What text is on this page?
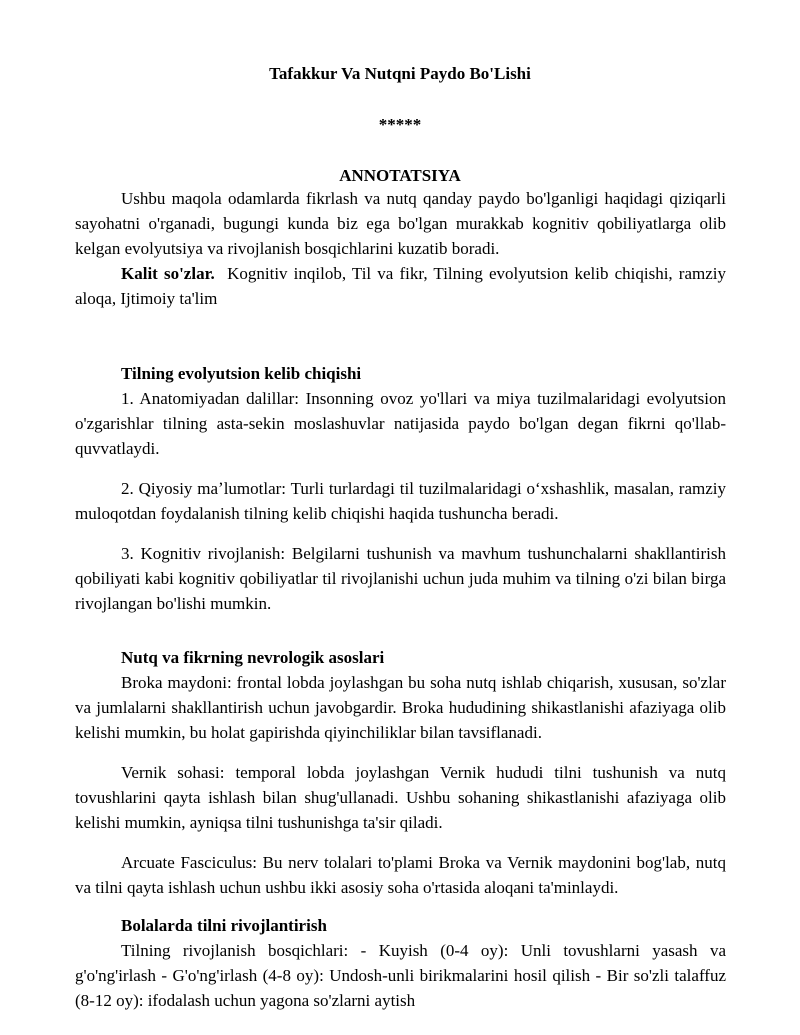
Tafakkur Va Nutqni Paydo Bo'Lishi
*****
ANNOTATSIYA

Ushbu maqola odamlarda fikrlash va nutq qanday paydo bo'lganligi haqidagi qiziqarli sayohatni o'rganadi, bugungi kunda biz ega bo'lgan murakkab kognitiv qobiliyatlarga olib kelgan evolyutsiya va rivojlanish bosqichlarini kuzatib boradi.

Kalit so'zlar. Kognitiv inqilob, Til va fikr, Tilning evolyutsion kelib chiqishi, ramziy aloqa, Ijtimoiy ta'lim

Tilning evolyutsion kelib chiqishi

1. Anatomiyadan dalillar: Insonning ovoz yo'llari va miya tuzilmalaridagi evolyutsion o'zgarishlar tilning asta-sekin moslashuvlar natijasida paydo bo'lgan degan fikrni qo'llab-quvvatlaydi.

2. Qiyosiy maʼlumotlar: Turli turlardagi til tuzilmalaridagi oʻxshashlik, masalan, ramziy muloqotdan foydalanish tilning kelib chiqishi haqida tushuncha beradi.

3. Kognitiv rivojlanish: Belgilarni tushunish va mavhum tushunchalarni shakllantirish qobiliyati kabi kognitiv qobiliyatlar til rivojlanishi uchun juda muhim va tilning o'zi bilan birga rivojlangan bo'lishi mumkin.

Nutq va fikrning nevrologik asoslari

Broka maydoni: frontal lobda joylashgan bu soha nutq ishlab chiqarish, xususan, so'zlar va jumlalarni shakllantirish uchun javobgardir. Broka hududining shikastlanishi afaziyaga olib kelishi mumkin, bu holat gapirishda qiyinchiliklar bilan tavsiflanadi.

Vernik sohasi: temporal lobda joylashgan Vernik hududi tilni tushunish va nutq tovushlarini qayta ishlash bilan shug'ullanadi. Ushbu sohaning shikastlanishi afaziyaga olib kelishi mumkin, ayniqsa tilni tushunishga ta'sir qiladi.

Arcuate Fasciculus: Bu nerv tolalari to'plami Broka va Vernik maydonini bog'lab, nutq va tilni qayta ishlash uchun ushbu ikki asosiy soha o'rtasida aloqani ta'minlaydi.

Bolalarda tilni rivojlantirish

Tilning rivojlanish bosqichlari: - Kuyish (0-4 oy): Unli tovushlarni yasash va g'o'ng'irlash - G'o'ng'irlash (4-8 oy): Undosh-unli birikmalarini hosil qilish - Bir so'zli talaffuz (8-12 oy): ifodalash uchun yagona so'zlarni aytish
